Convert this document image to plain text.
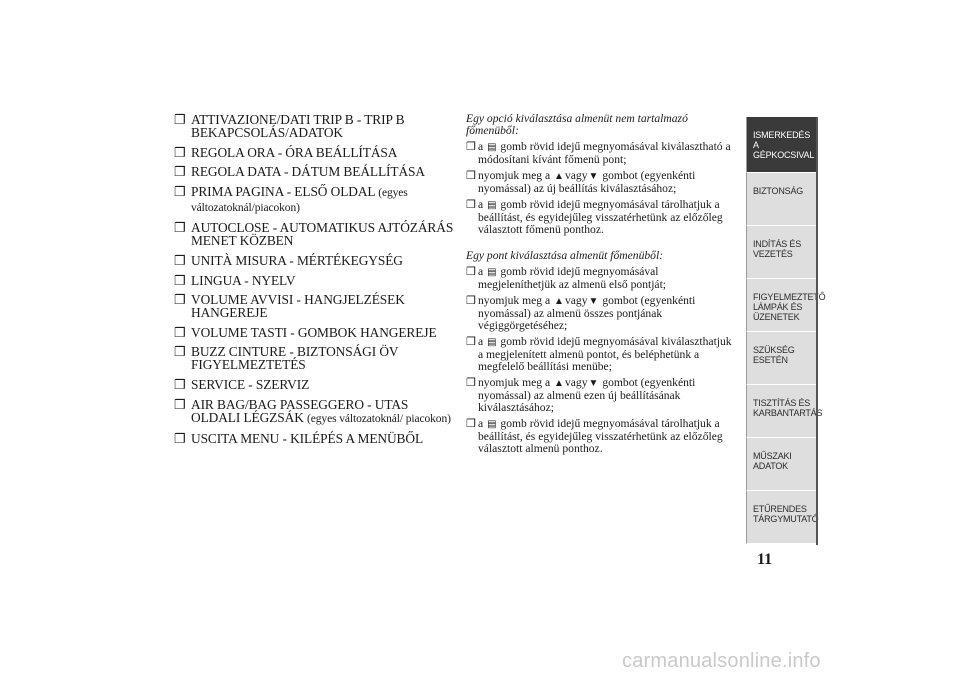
❒ ATTIVAZIONE/DATI TRIP B - TRIP B BEKAPCSOLÁS/ADATOK
❒ REGOLA ORA - ÓRA BEÁLLÍTÁSA
❒ REGOLA DATA - DÁTUM BEÁLLÍTÁSA
❒ PRIMA PAGINA - ELSŐ OLDAL (egyes változatoknál/piacokon)
❒ AUTOCLOSE - AUTOMATIKUS AJTÓZÁRÁS MENET KÖZBEN
❒ UNITÀ MISURA - MÉRTÉKEGYSÉG
❒ LINGUA - NYELV
❒ VOLUME AVVISI - HANGJELZÉSEK HANGEREJE
❒ VOLUME TASTI - GOMBOK HANGEREJE
❒ BUZZ CINTURE - BIZTONSÁGI ÖV FIGYELMEZTETÉS
❒ SERVICE - SZERVIZ
❒ AIR BAG/BAG PASSEGGERO - UTAS OLDALI LÉGZSÁK (egyes változatoknál/ piacokon)
❒ USCITA MENU - KILÉPÉS A MENÜBŐL
Egy opció kiválasztása almenüt nem tartalmazó főmenüből:
❒ a ▤ gomb rövid idejű megnyomásával kiválasztható a módosítani kívánt főmenü pont;
❒ nyomjuk meg a ▲vagy▼ gombot (egyenkénti nyomással) az új beállítás kiválasztásához;
❒ a ▤ gomb rövid idejű megnyomásával tárolhatjuk a beállítást, és egyidejűleg visszatérhetünk az előzőleg választott főmenü ponthoz.
Egy pont kiválasztása almenüt főmenüből:
❒ a ▤ gomb rövid idejű megnyomásával megjeleníthetjük az almenü első pontját;
❒ nyomjuk meg a ▲vagy▼ gombot (egyenkénti nyomással) az almenü összes pontjának végiggörgetéséhez;
❒ a ▤ gomb rövid idejű megnyomásával kiválaszthatjuk a megjelenített almenü pontot, és beléphetünk a megfelelő beállítási menübe;
❒ nyomjuk meg a ▲vagy▼ gombot (egyenkénti nyomással) az almenü ezen új beállításának kiválasztásához;
❒ a ▤ gomb rövid idejű megnyomásával tárolhatjuk a beállítást, és egyidejűleg visszatérhetünk az előzőleg választott almenü ponthoz.
ISMERKEDÉS A GÉPKOCSIVAL
BIZTONSÁG
INDÍTÁS ÉS VEZETÉS
FIGYELMEZTETŐ LÁMPÁK ÉS ÜZENETEK
SZÜKSÉG ESETÉN
TISZTÍTÁS ÉS KARBANTARTÁS
MŰSZAKI ADATOK
ETŰRENDES TÁRGYMUTATÓ
11
carmanualsonline.info
